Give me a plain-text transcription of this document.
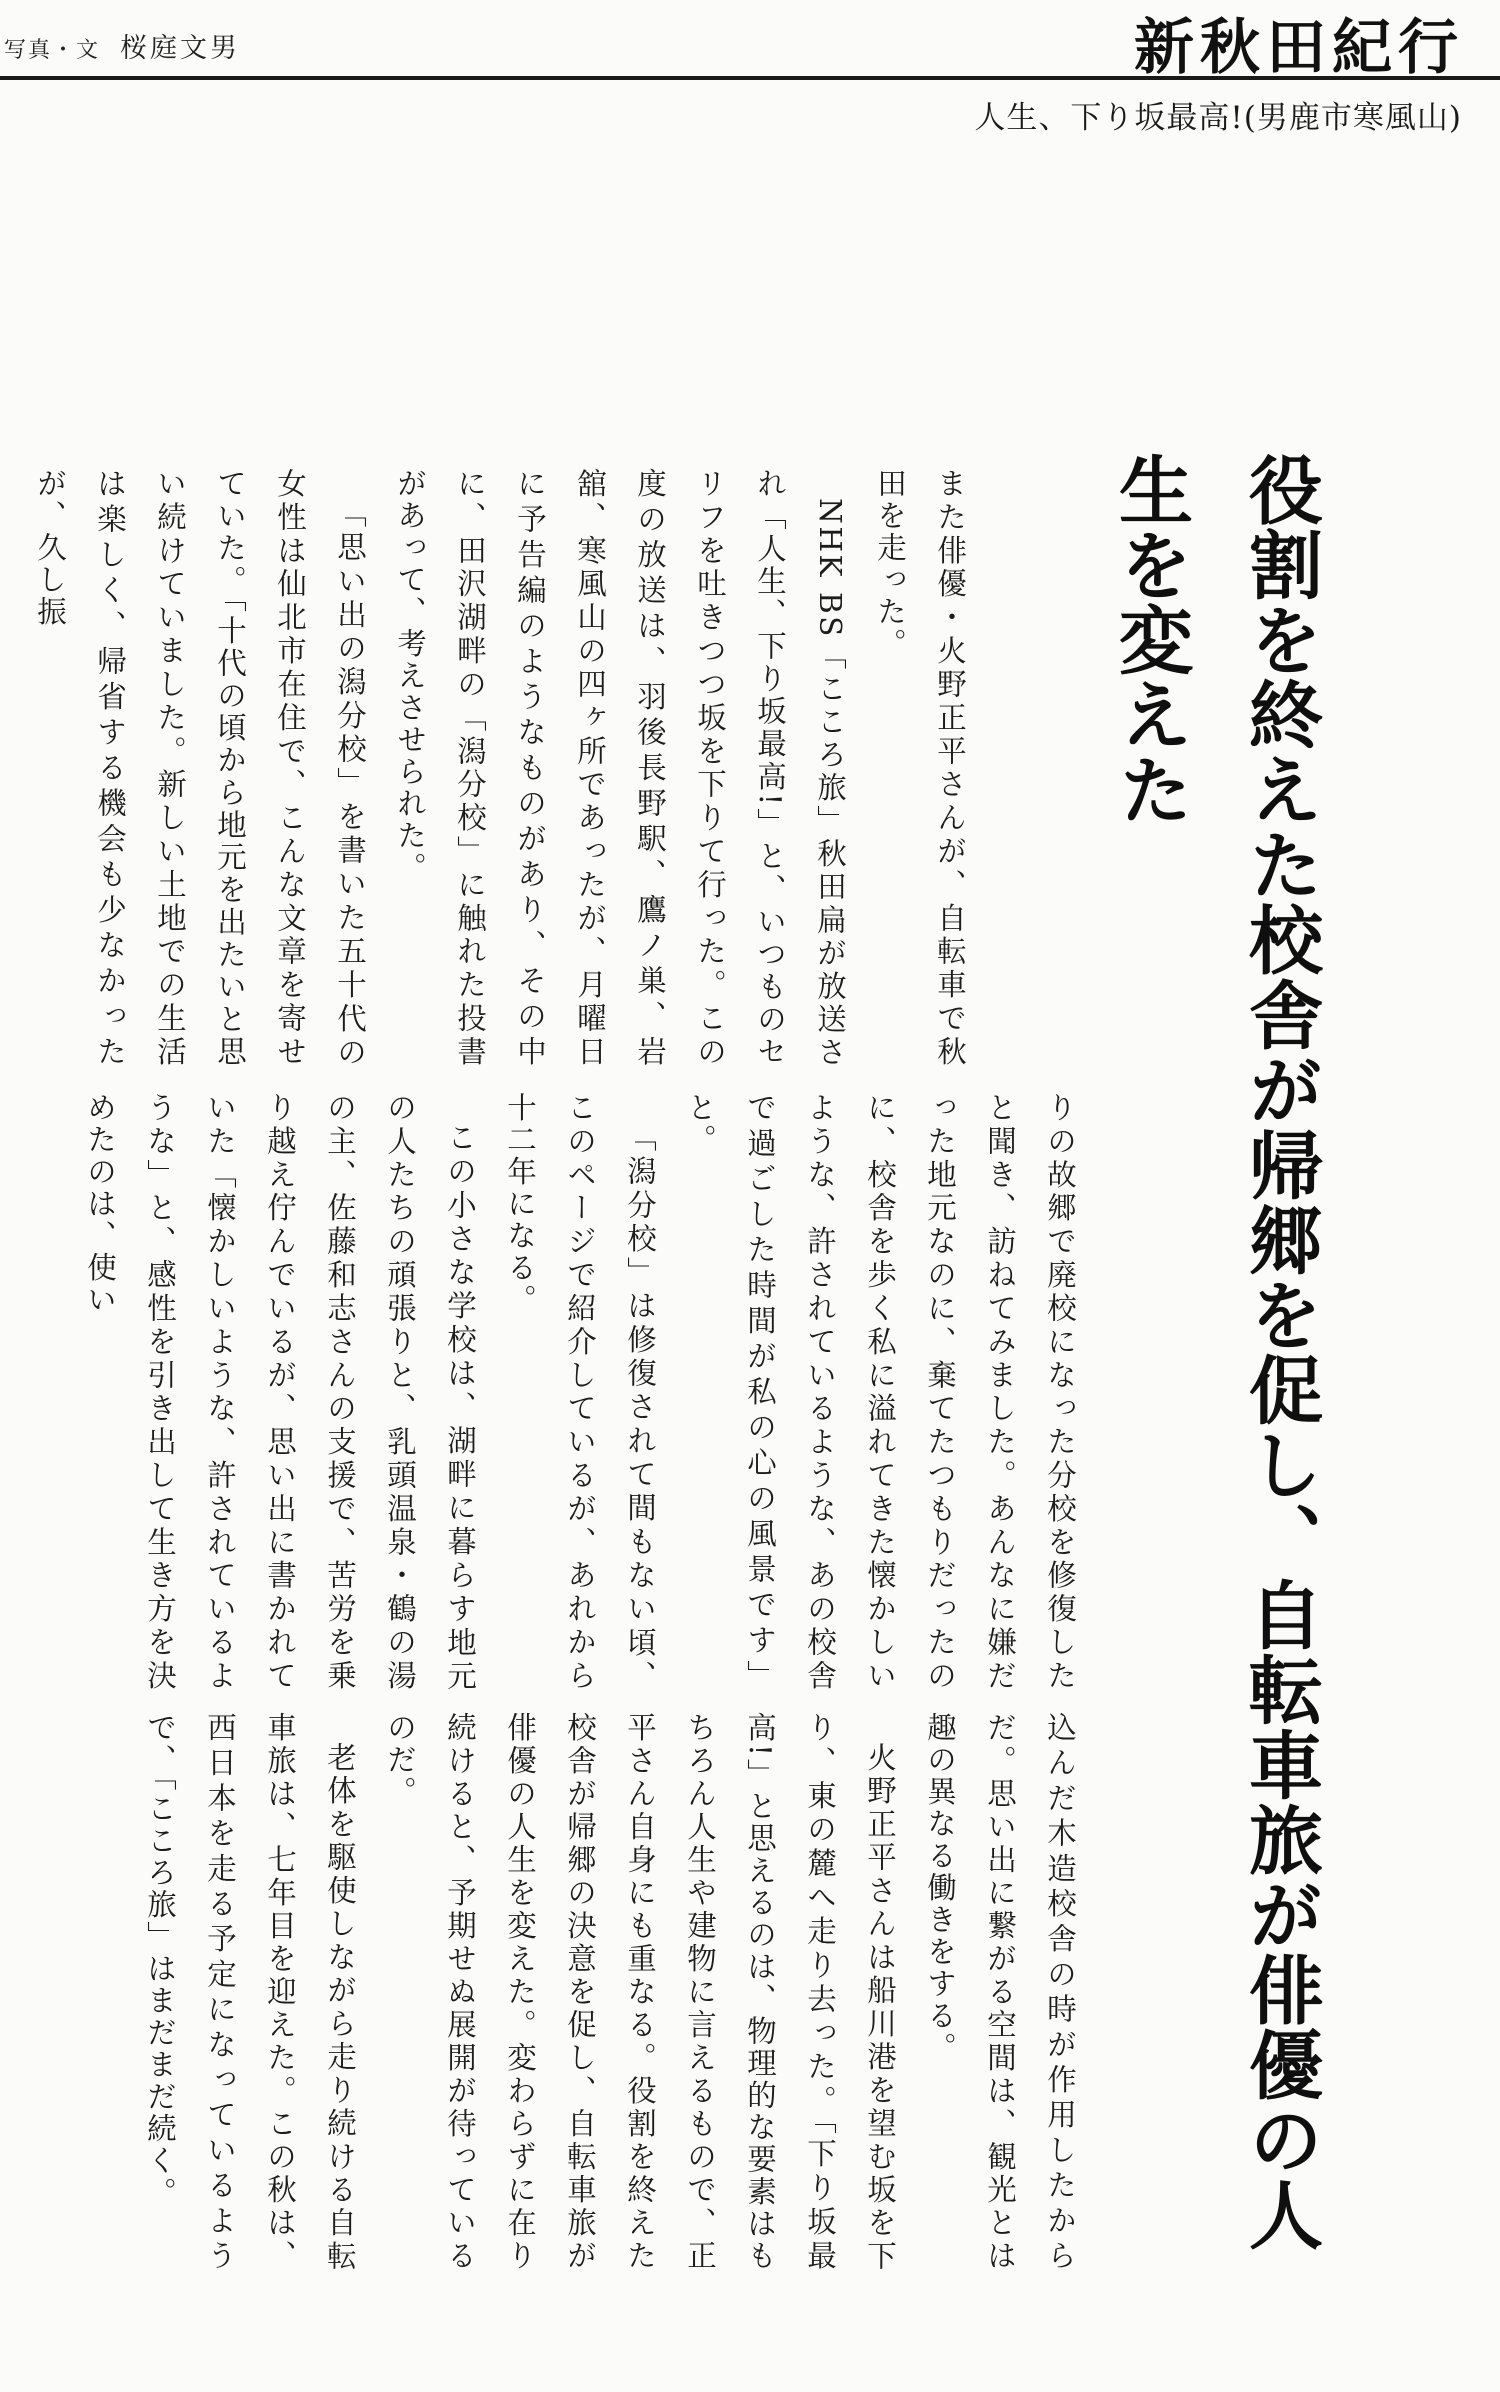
写真・文 桜庭文男	新秋田紀行
人生、下り坂最高!(男鹿市寒風山)
役割を終えた校舎が帰郷を促し、自転車旅が俳優の人生を変えた

また俳優・火野正平さんが、自転車で秋田を走った。

NHK BS「こころ旅」秋田扁が放送され「人生、下り坂最高!」と、いつものセリフを吐きつつ坂を下りて行った。この度の放送は、羽後長野駅、鷹ノ巣、岩舘、寒風山の四ヶ所であったが、月曜日に予告編のようなものがあり、その中に、田沢湖畔の「潟分校」に触れた投書があって、考えさせられた。

「思い出の潟分校」を書いた五十代の女性は仙北市在住で、こんな文章を寄せていた。「十代の頃から地元を出たいと思い続けていました。新しい土地での生活は楽しく、帰省する機会も少なかったが、久し振

りの故郷で廃校になった分校を修復したと聞き、訪ねてみました。あんなに嫌だった地元なのに、棄てたつもりだったのに、校舎を歩く私に溢れてきた懐かしいような、許されているような、あの校舎で過ごした時間が私の心の風景です」と。

「潟分校」は修復されて間もない頃、このページで紹介しているが、あれから十二年になる。

この小さな学校は、湖畔に暮らす地元の人たちの頑張りと、乳頭温泉・鶴の湯の主、佐藤和志さんの支援で、苦労を乗り越え佇んでいるが、思い出に書かれていた「懐かしいような、許されているような」と、感性を引き出して生き方を決めたのは、使い

込んだ木造校舎の時が作用したからだ。思い出に繋がる空間は、観光とは趣の異なる働きをする。

火野正平さんは船川港を望む坂を下り、東の麓へ走り去った。「下り坂最高!」と思えるのは、物理的な要素はもちろん人生や建物に言えるもので、正平さん自身にも重なる。役割を終えた校舎が帰郷の決意を促し、自転車旅が俳優の人生を変えた。変わらずに在り続けると、予期せぬ展開が待っているのだ。

老体を駆使しながら走り続ける自転車旅は、七年目を迎えた。この秋は、西日本を走る予定になっているようで、「こころ旅」はまだまだ続く。
